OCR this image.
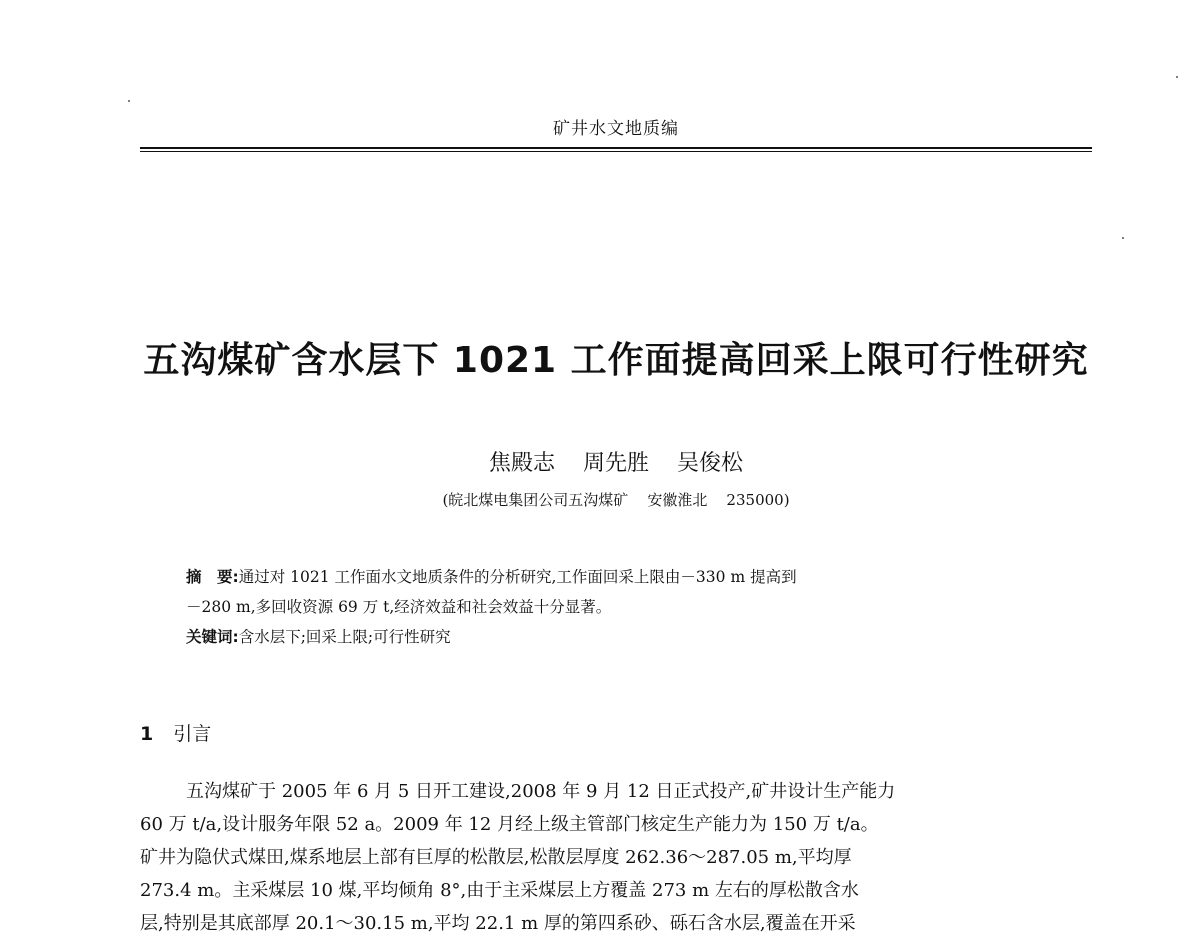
矿井水文地质编
五沟煤矿含水层下 1021 工作面提高回采上限可行性研究
焦殿志    周先胜    吴俊松
(皖北煤电集团公司五沟煤矿    安徽淮北    235000)
摘　要:通过对 1021 工作面水文地质条件的分析研究,工作面回采上限由－330 m 提高到
－280 m,多回收资源 69 万 t,经济效益和社会效益十分显著。
关键词:含水层下;回采上限;可行性研究
1 引言
五沟煤矿于 2005 年 6 月 5 日开工建设,2008 年 9 月 12 日正式投产,矿井设计生产能力
60 万 t/a,设计服务年限 52 a。2009 年 12 月经上级主管部门核定生产能力为 150 万 t/a。
矿井为隐伏式煤田,煤系地层上部有巨厚的松散层,松散层厚度 262.36～287.05 m,平均厚
273.4 m。主采煤层 10 煤,平均倾角 8°,由于主采煤层上方覆盖 273 m 左右的厚松散含水
层,特别是其底部厚 20.1～30.15 m,平均 22.1 m 厚的第四系砂、砾石含水层,覆盖在开采
